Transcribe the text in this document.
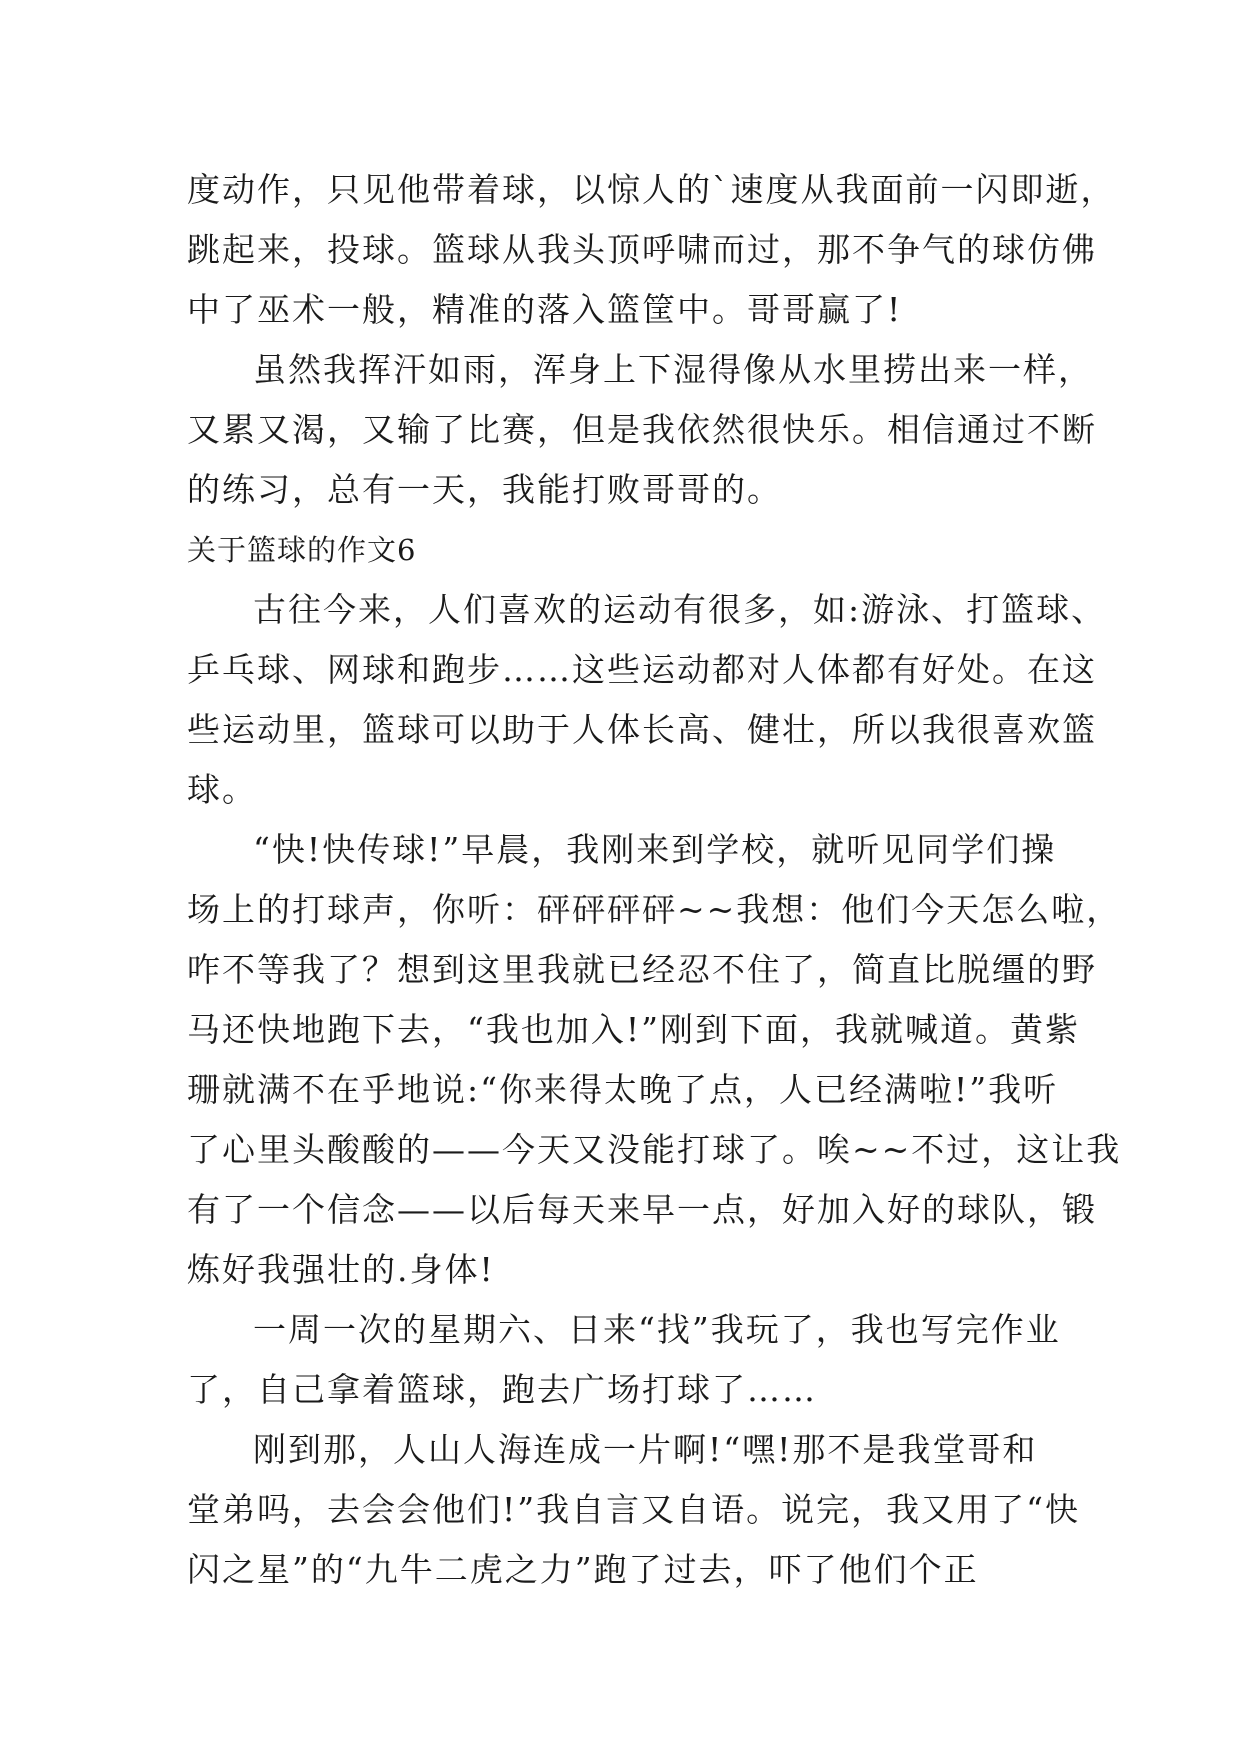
度动作，只见他带着球，以惊人的`速度从我面前一闪即逝，
跳起来，投球。篮球从我头顶呼啸而过，那不争气的球仿佛
中了巫术一般，精准的落入篮筐中。哥哥赢了!
虽然我挥汗如雨，浑身上下湿得像从水里捞出来一样，
又累又渴，又输了比赛，但是我依然很快乐。相信通过不断
的练习，总有一天，我能打败哥哥的。
关于篮球的作文6
古往今来，人们喜欢的运动有很多，如:游泳、打篮球、
乒乓球、网球和跑步……这些运动都对人体都有好处。在这
些运动里，篮球可以助于人体长高、健壮，所以我很喜欢篮
球。
“快!快传球!”早晨，我刚来到学校，就听见同学们操
场上的打球声，你听：砰砰砰砰~~我想：他们今天怎么啦，
咋不等我了？想到这里我就已经忍不住了，简直比脱缰的野
马还快地跑下去，“我也加入!”刚到下面，我就喊道。黄紫
珊就满不在乎地说:“你来得太晚了点，人已经满啦!”我听
了心里头酸酸的——今天又没能打球了。唉~~不过，这让我
有了一个信念——以后每天来早一点，好加入好的球队，锻
炼好我强壮的.身体!
一周一次的星期六、日来“找”我玩了，我也写完作业
了，自己拿着篮球，跑去广场打球了……
刚到那，人山人海连成一片啊!“嘿!那不是我堂哥和
堂弟吗，去会会他们!”我自言又自语。说完，我又用了“快
闪之星”的“九牛二虎之力”跑了过去，吓了他们个正
